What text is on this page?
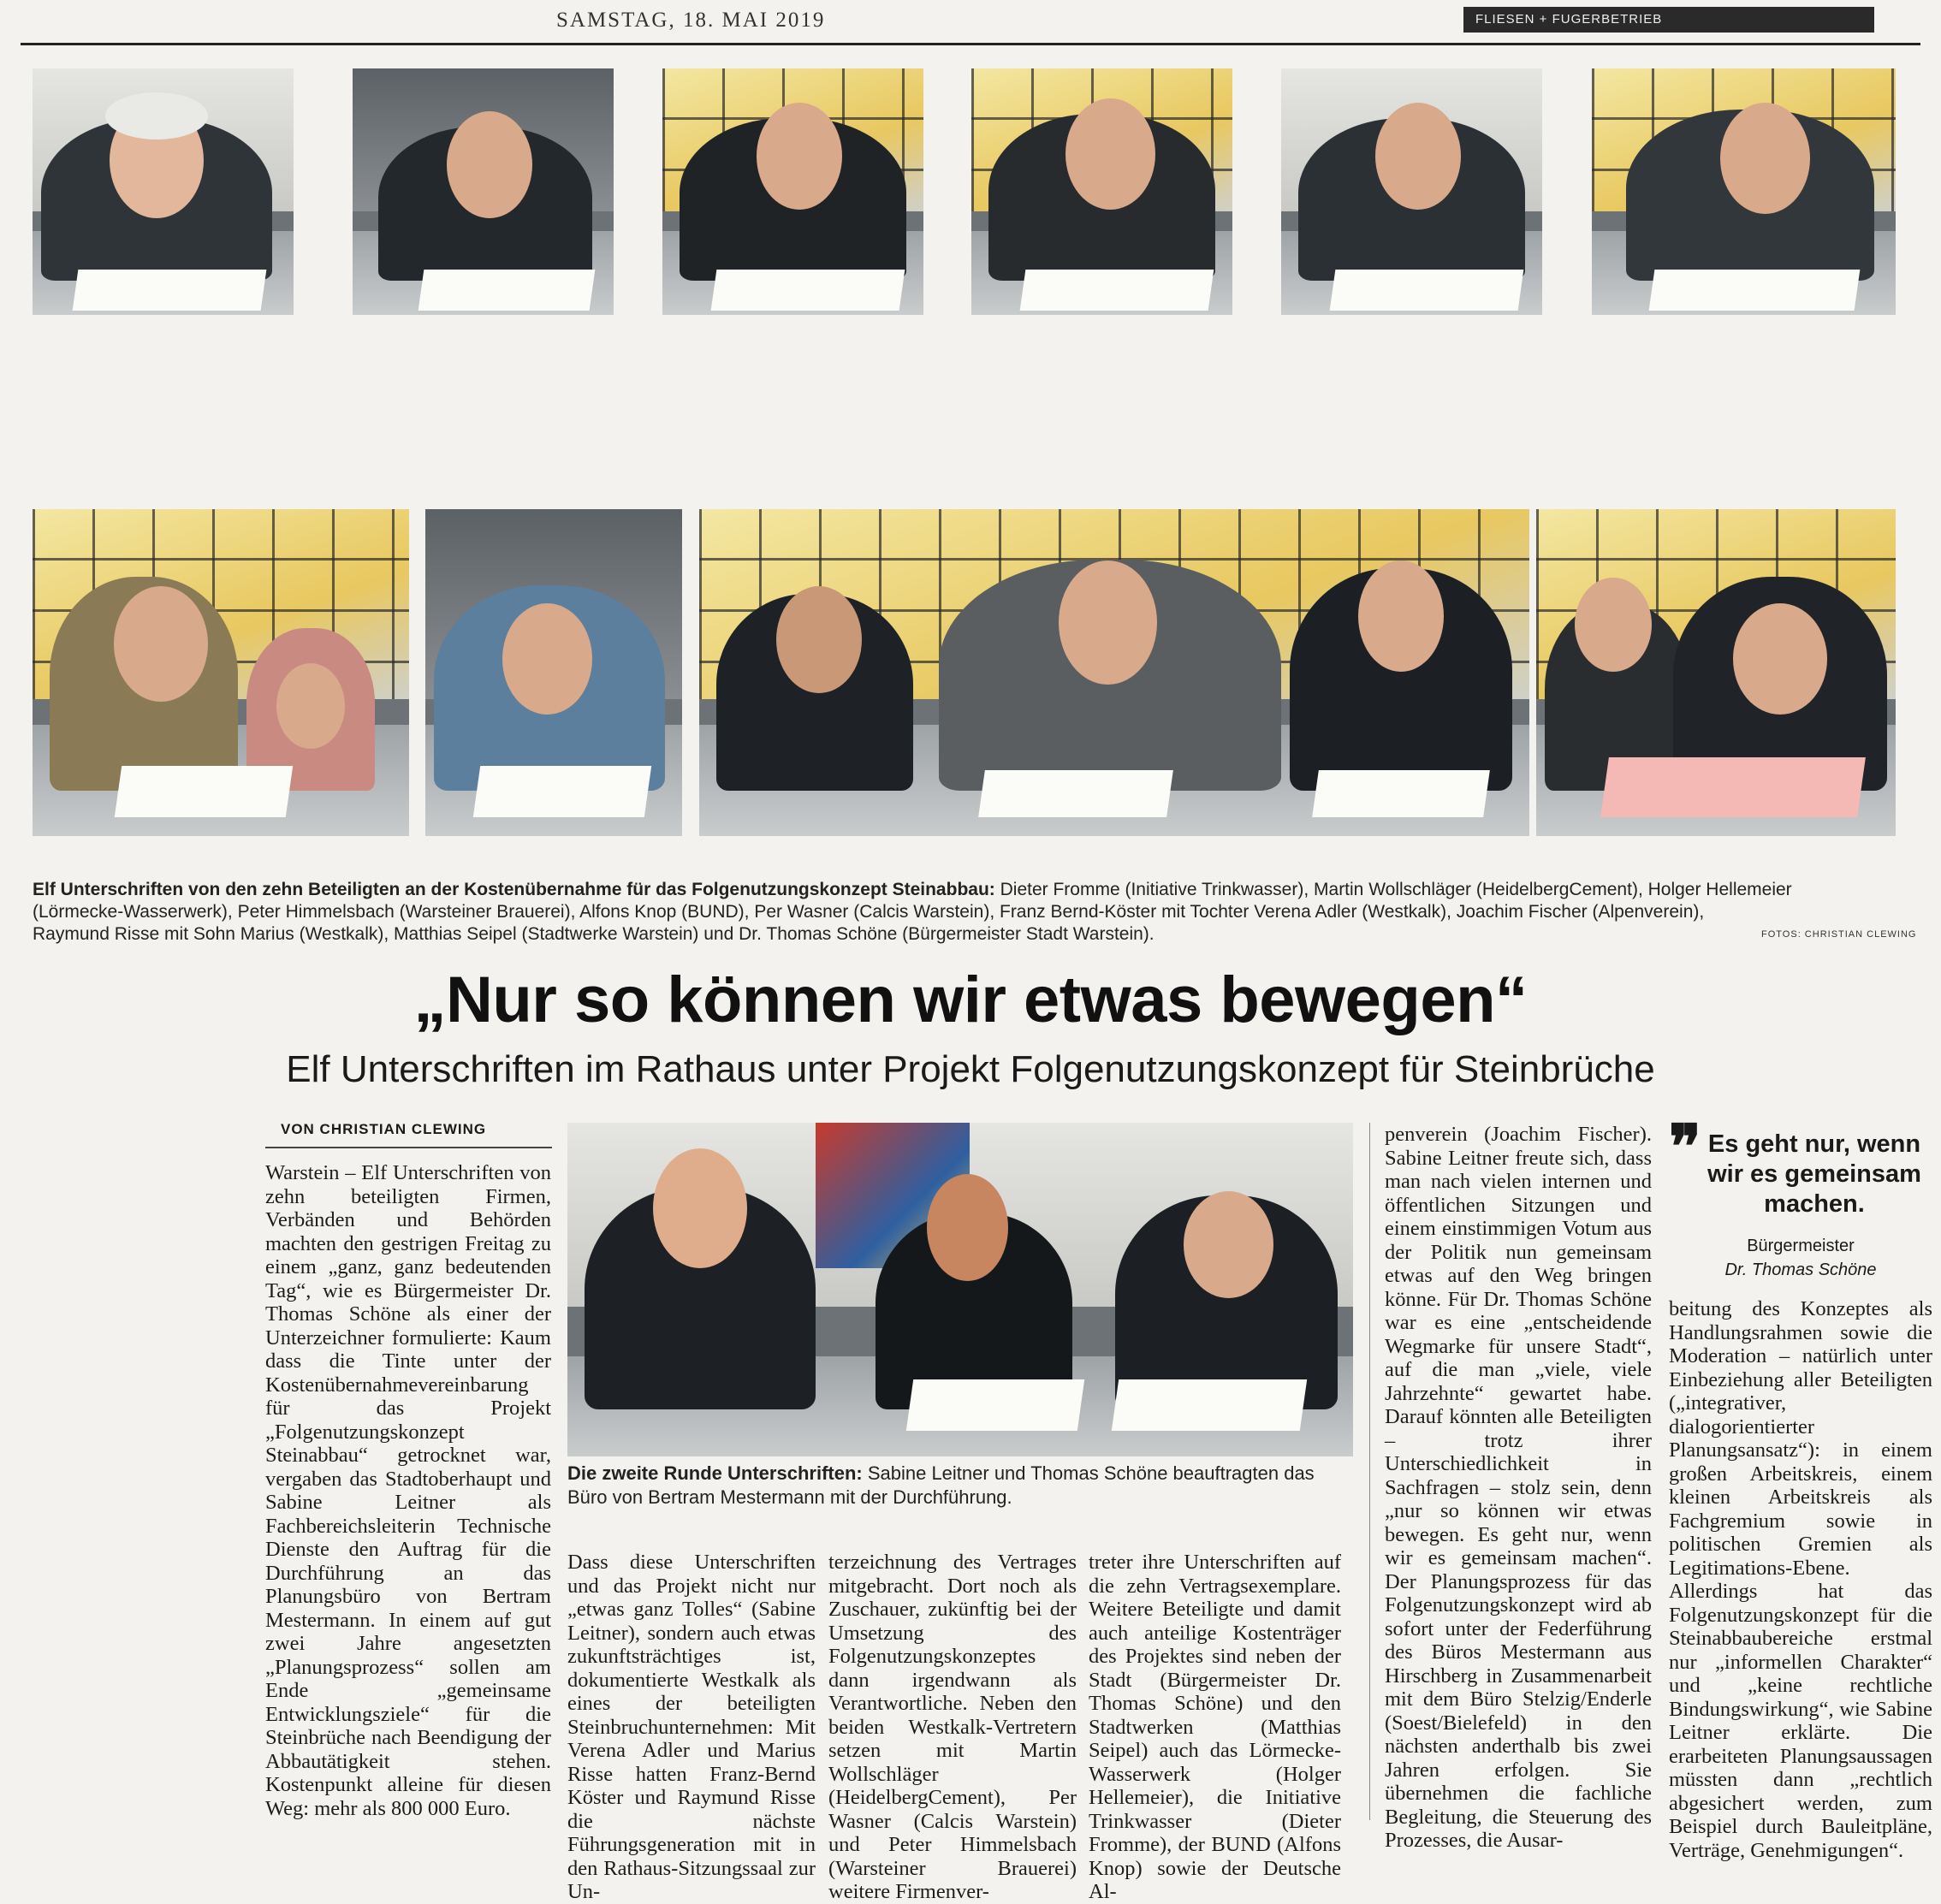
SAMSTAG, 18. MAI 2019	FLIESEN + FUGERBETRIEB
Elf Unterschriften von den zehn Beteiligten an der Kostenübernahme für das Folgenutzungskonzept Steinabbau: Dieter Fromme (Initiative Trinkwasser), Martin Wollschläger (HeidelbergCement), Holger Hellemeier
(Lörmecke-Wasserwerk), Peter Himmelsbach (Warsteiner Brauerei), Alfons Knop (BUND), Per Wasner (Calcis Warstein), Franz Bernd-Köster mit Tochter Verena Adler (Westkalk), Joachim Fischer (Alpenverein),
Raymund Risse mit Sohn Marius (Westkalk), Matthias Seipel (Stadtwerke Warstein) und Dr. Thomas Schöne (Bürgermeister Stadt Warstein).	FOTOS: CHRISTIAN CLEWING
„Nur so können wir etwas bewegen“
Elf Unterschriften im Rathaus unter Projekt Folgenutzungskonzept für Steinbrüche
VON CHRISTIAN CLEWING
Die zweite Runde Unterschriften: Sabine Leitner und Thomas Schöne beauftragten das
Büro von Bertram Mestermann mit der Durchführung.

Warstein – Elf Unterschriften von zehn beteiligten Firmen, Verbänden und Behörden machten den gestrigen Freitag zu einem „ganz, ganz bedeutenden Tag“, wie es Bürgermeister Dr. Thomas Schöne als einer der Unterzeichner formulierte: Kaum dass die Tinte unter der Kostenübernahmevereinbarung für das Projekt „Folgenutzungskonzept Steinabbau“ getrocknet war, vergaben das Stadtoberhaupt und Sabine Leitner als Fachbereichsleiterin Technische Dienste den Auftrag für die Durchführung an das Planungsbüro von Bertram Mestermann. In einem auf gut zwei Jahre angesetzten „Planungsprozess“ sollen am Ende „gemeinsame Entwicklungsziele“ für die Steinbrüche nach Beendigung der Abbautätigkeit stehen. Kostenpunkt alleine für diesen Weg: mehr als 800 000 Euro.

Dass diese Unterschriften und das Projekt nicht nur „etwas ganz Tolles“ (Sabine Leitner), sondern auch etwas zukunftsträchtiges ist, dokumentierte Westkalk als eines der beteiligten Steinbruchunternehmen: Mit Verena Adler und Marius Risse hatten Franz-Bernd Köster und Raymund Risse die nächste Führungsgeneration mit in den Rathaus-Sitzungssaal zur Un-

terzeichnung des Vertrages mitgebracht. Dort noch als Zuschauer, zukünftig bei der Umsetzung des Folgenutzungskonzeptes dann irgendwann als Verantwortliche. Neben den beiden Westkalk-Vertretern setzen mit Martin Wollschläger (HeidelbergCement), Per Wasner (Calcis Warstein) und Peter Himmelsbach (Warsteiner Brauerei) weitere Firmenver-

treter ihre Unterschriften auf die zehn Vertragsexemplare. Weitere Beteiligte und damit auch anteilige Kostenträger des Projektes sind neben der Stadt (Bürgermeister Dr. Thomas Schöne) und den Stadtwerken (Matthias Seipel) auch das Lörmecke-Wasserwerk (Holger Hellemeier), die Initiative Trinkwasser (Dieter Fromme), der BUND (Alfons Knop) sowie der Deutsche Al-

penverein (Joachim Fischer). Sabine Leitner freute sich, dass man nach vielen internen und öffentlichen Sitzungen und einem einstimmigen Votum aus der Politik nun gemeinsam etwas auf den Weg bringen könne. Für Dr. Thomas Schöne war es eine „entscheidende Wegmarke für unsere Stadt“, auf die man „viele, viele Jahrzehnte“ gewartet habe. Darauf könnten alle Beteiligten – trotz ihrer Unterschiedlichkeit in Sachfragen – stolz sein, denn „nur so können wir etwas bewegen. Es geht nur, wenn wir es gemeinsam machen“. Der Planungsprozess für das Folgenutzungskonzept wird ab sofort unter der Federführung des Büros Mestermann aus Hirschberg in Zusammenarbeit mit dem Büro Stelzig/Enderle (Soest/Bielefeld) in den nächsten anderthalb bis zwei Jahren erfolgen. Sie übernehmen die fachliche Begleitung, die Steuerung des Prozesses, die Ausar-

beitung des Konzeptes als Handlungsrahmen sowie die Moderation – natürlich unter Einbeziehung aller Beteiligten („integrativer, dialogorientierter Planungsansatz“): in einem großen Arbeitskreis, einem kleinen Arbeitskreis als Fachgremium sowie in politischen Gremien als Legitimations-Ebene. Allerdings hat das Folgenutzungskonzept für die Steinabbaubereiche erstmal nur „informellen Charakter“ und „keine rechtliche Bindungswirkung“, wie Sabine Leitner erklärte. Die erarbeiteten Planungsaussagen müssten dann „rechtlich abgesichert werden, zum Beispiel durch Bauleitpläne, Verträge, Genehmigungen“.

❞ Es geht nur, wenn wir es gemeinsam machen.
Bürgermeister
Dr. Thomas Schöne
